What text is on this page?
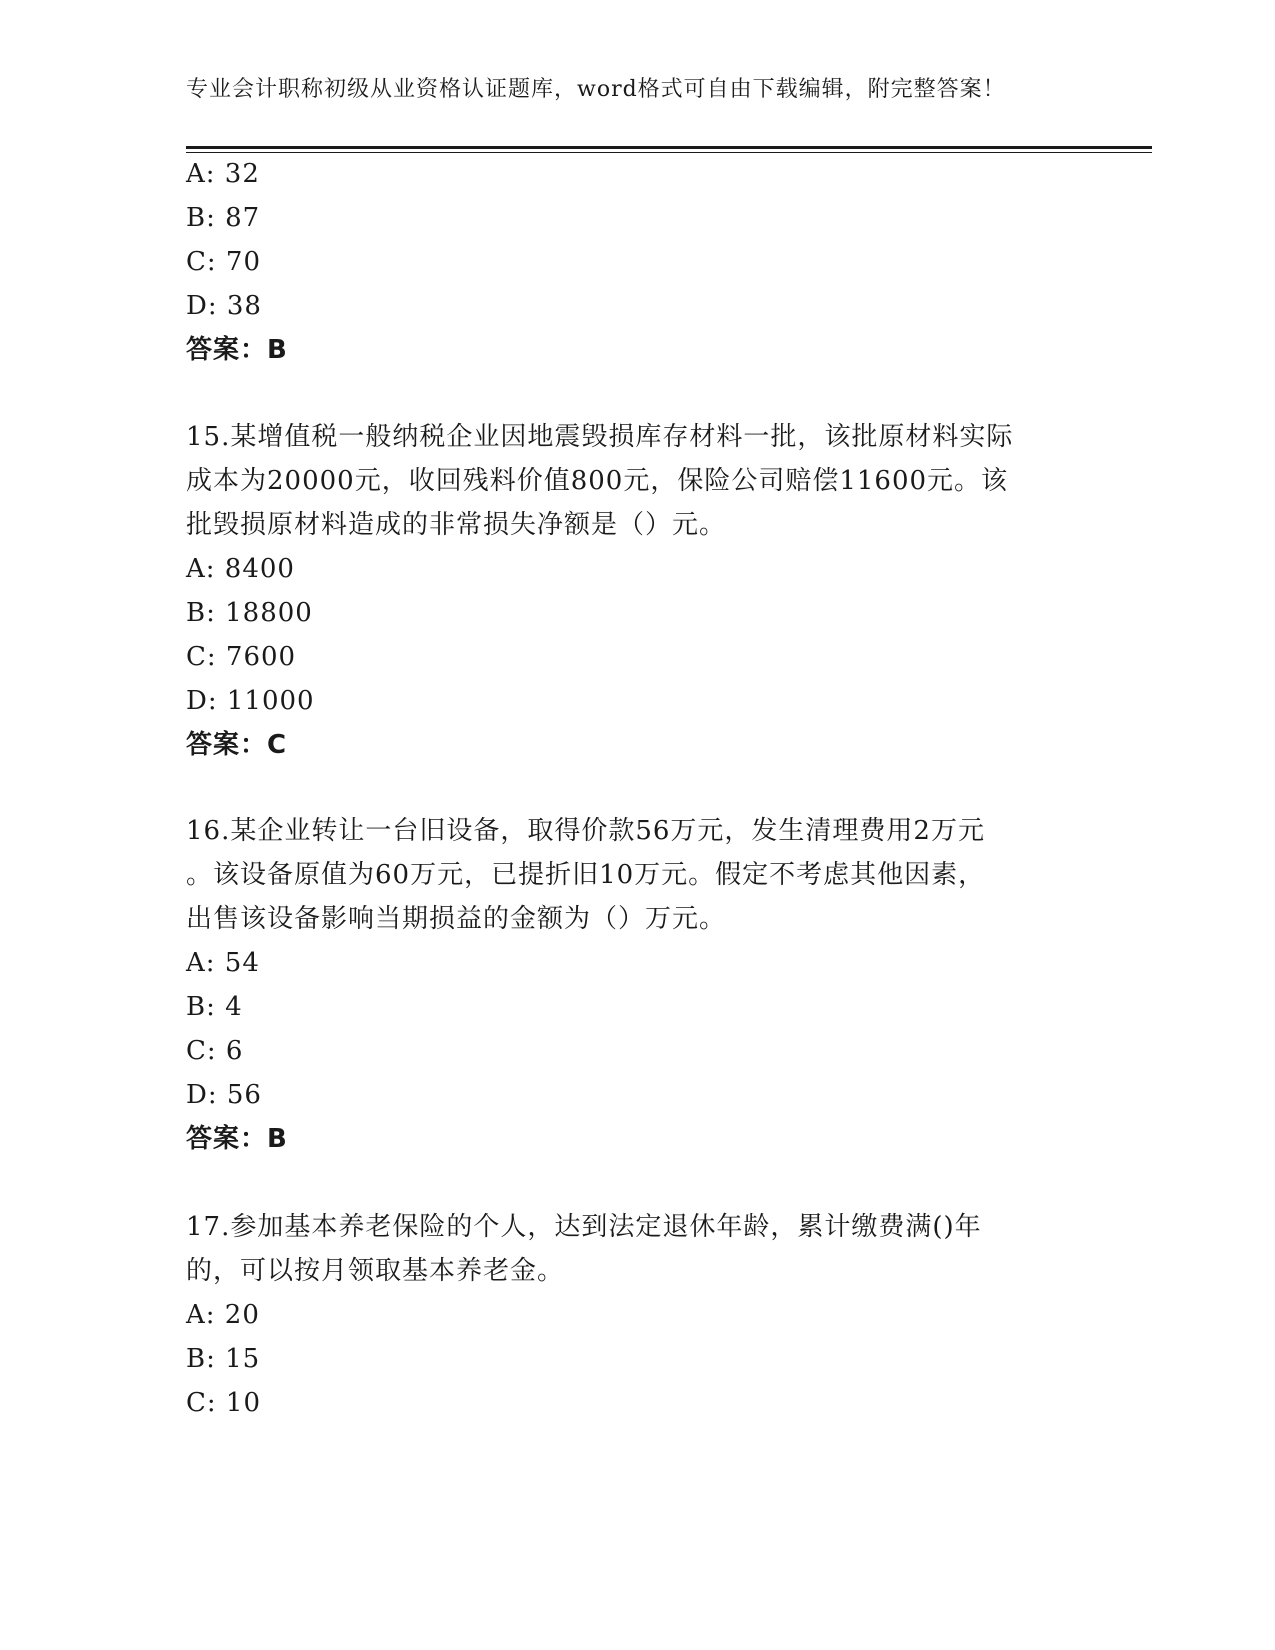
专业会计职称初级从业资格认证题库，word格式可自由下载编辑，附完整答案！
A: 32
B: 87
C: 70
D: 38
答案：B
15.某增值税一般纳税企业因地震毁损库存材料一批，该批原材料实际
成本为20000元，收回残料价值800元，保险公司赔偿11600元。该
批毁损原材料造成的非常损失净额是（）元。
A: 8400
B: 18800
C: 7600
D: 11000
答案：C
16.某企业转让一台旧设备，取得价款56万元，发生清理费用2万元
。该设备原值为60万元，已提折旧10万元。假定不考虑其他因素，
出售该设备影响当期损益的金额为（）万元。
A: 54
B: 4
C: 6
D: 56
答案：B
17.参加基本养老保险的个人，达到法定退休年龄，累计缴费满()年
的，可以按月领取基本养老金。
A: 20
B: 15
C: 10
